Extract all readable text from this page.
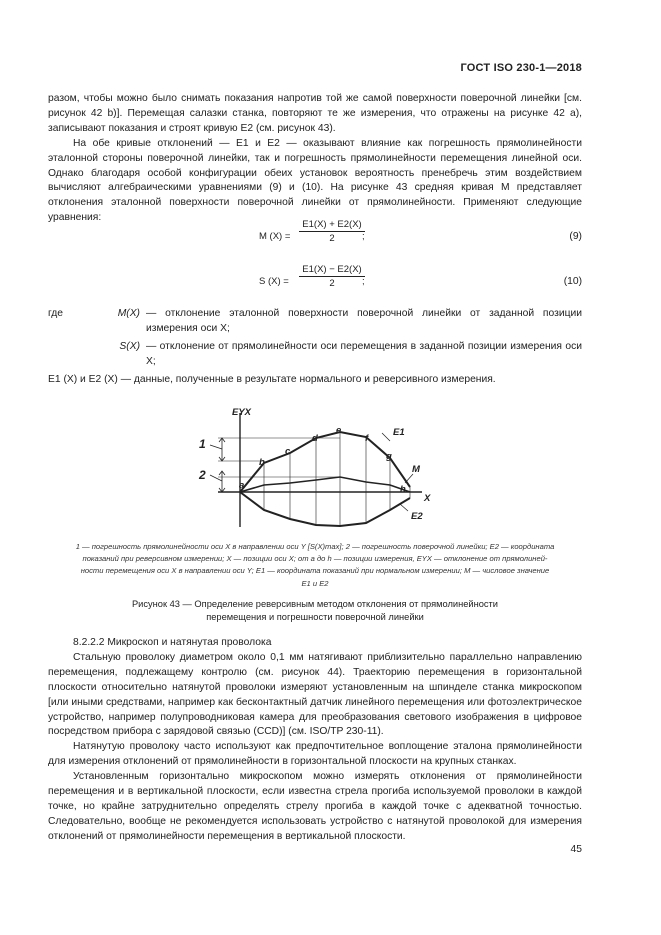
ГОСТ ISO 230-1—2018

разом, чтобы можно было снимать показания напротив той же самой поверхности поверочной линейки [см. рисунок 42 b)]. Перемещая салазки станка, повторяют те же измерения, что отражены на рисунке 42 а), записывают показания и строят кривую E2 (см. рисунок 43).

На обе кривые отклонений — E1 и E2 — оказывают влияние как погрешность прямолинейности эталонной стороны поверочной линейки, так и погрешность прямолинейности перемещения линейной оси. Однако благодаря особой конфигурации обеих установок вероятность пренебречь этим воздействием вычисляют алгебраическими уравнениями (9) и (10). На рисунке 43 средняя кривая M представляет отклонения эталонной поверхности поверочной линейки от прямолинейности. Применяют следующие уравнения:

M $(X) = \frac{E1(X) + E2(X)}{2}$
;	(9)
S $(X) = \frac{E1(X) - E2(X)}{2}$
;	(10)
где	M(X) — отклонение эталонной поверхности поверочной линейки от заданной позиции измерения оси X;
S(X) — отклонение от прямолинейности оси перемещения в заданной позиции измерения оси X;
E1 (X) и E2 (X) — данные, полученные в результате нормального и реверсивного измерения.
EYX
X
1
2
a
b
c
d
e
f
g
h
E1
M
E2
1 — погрешность прямолинейности оси X в направлении оси Y [S(X)max]; 2 — погрешность поверочной линейки; E2 — координата
показаний при реверсивном измерении; X — позиции оси X; от a до h — позиции измерения, EYX — отклонение от прямолиней-
ности перемещения оси X в направлении оси Y; E1 — координата показаний при нормальном измерении; M — числовое значение
E1 и E2
Рисунок 43 — Определение реверсивным методом отклонения от прямолинейности
перемещения и погрешности поверочной линейки

8.2.2.2 Микроскоп и натянутая проволока

Стальную проволоку диаметром около 0,1 мм натягивают приблизительно параллельно направлению перемещения, подлежащему контролю (см. рисунок 44). Траекторию перемещения в горизонтальной плоскости относительно натянутой проволоки измеряют установленным на шпинделе станка микроскопом [или иными средствами, например как бесконтактный датчик линейного перемещения или фотоэлектрическое устройство, например полупроводниковая камера для преобразования светового изображения в цифровое посредством прибора с зарядовой связью (CCD)] (см. ISO/TP 230-11).

Натянутую проволоку часто используют как предпочтительное воплощение эталона прямолинейности для измерения отклонений от прямолинейности в горизонтальной плоскости на крупных станках.

Установленным горизонтально микроскопом можно измерять отклонения от прямолинейности перемещения и в вертикальной плоскости, если известна стрела прогиба используемой проволоки в каждой точке, но крайне затруднительно определять стрелу прогиба в каждой точке с адекватной точностью. Следовательно, вообще не рекомендуется использовать устройство с натянутой проволокой для измерения отклонений от прямолинейности перемещения в вертикальной плоскости.

45
